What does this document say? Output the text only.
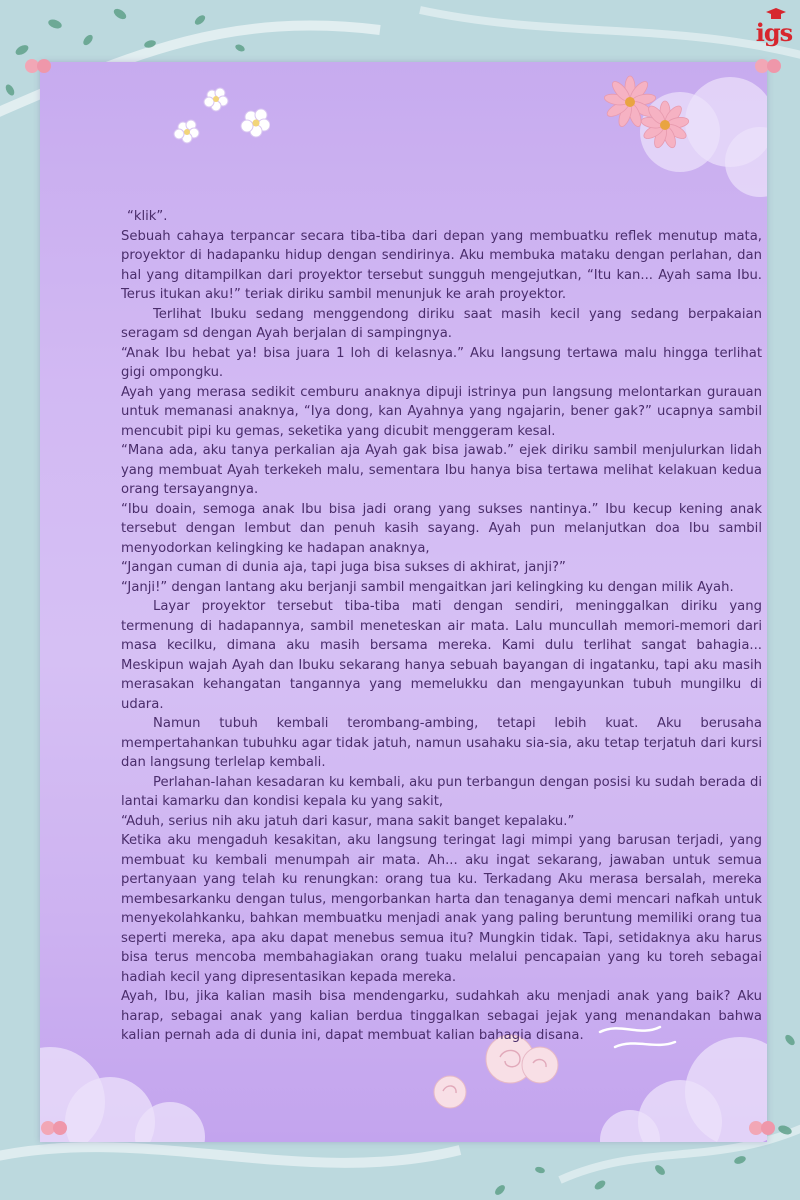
“klik”.

Sebuah cahaya terpancar secara tiba-tiba dari depan yang membuatku reflek menutup mata, proyektor di hadapanku hidup dengan sendirinya. Aku membuka mataku dengan perlahan, dan hal yang ditampilkan dari proyektor tersebut sungguh mengejutkan, “Itu kan... Ayah sama Ibu. Terus itukan aku!” teriak diriku sambil menunjuk ke arah proyektor.

Terlihat Ibuku sedang menggendong diriku saat masih kecil yang sedang berpakaian seragam sd dengan Ayah berjalan di sampingnya.

“Anak Ibu hebat ya! bisa juara 1 loh di kelasnya.” Aku langsung tertawa malu hingga terlihat gigi ompongku.

Ayah yang merasa sedikit cemburu anaknya dipuji istrinya pun langsung melontarkan gurauan untuk memanasi anaknya, “Iya dong, kan Ayahnya yang ngajarin, bener gak?” ucapnya sambil mencubit pipi ku gemas, seketika yang dicubit menggeram kesal.

“Mana ada, aku tanya perkalian aja Ayah gak bisa jawab.” ejek diriku sambil menjulurkan lidah yang membuat Ayah terkekeh malu, sementara Ibu hanya bisa tertawa melihat kelakuan kedua orang tersayangnya.

“Ibu doain, semoga anak Ibu bisa jadi orang yang sukses nantinya.” Ibu kecup kening anak tersebut dengan lembut dan penuh kasih sayang. Ayah pun melanjutkan doa Ibu sambil menyodorkan kelingking ke hadapan anaknya,

“Jangan cuman di dunia aja, tapi juga bisa sukses di akhirat, janji?”

“Janji!” dengan lantang aku berjanji sambil mengaitkan jari kelingking ku dengan milik Ayah.

Layar proyektor tersebut tiba-tiba mati dengan sendiri, meninggalkan diriku yang termenung di hadapannya, sambil meneteskan air mata. Lalu muncullah memori-memori dari masa kecilku, dimana aku masih bersama mereka. Kami dulu terlihat sangat bahagia... Meskipun wajah Ayah dan Ibuku sekarang hanya sebuah bayangan di ingatanku, tapi aku masih merasakan kehangatan tangannya yang memelukku dan mengayunkan tubuh mungilku di udara.

Namun tubuh kembali terombang-ambing, tetapi lebih kuat. Aku berusaha mempertahankan tubuhku agar tidak jatuh, namun usahaku sia-sia, aku tetap terjatuh dari kursi dan langsung terlelap kembali.

Perlahan-lahan kesadaran ku kembali, aku pun terbangun dengan posisi ku sudah berada di lantai kamarku dan kondisi kepala ku yang sakit,

“Aduh, serius nih aku jatuh dari kasur, mana sakit banget kepalaku.”

Ketika aku mengaduh kesakitan, aku langsung teringat lagi mimpi yang barusan terjadi, yang membuat ku kembali menumpah air mata. Ah... aku ingat sekarang, jawaban untuk semua pertanyaan yang telah ku renungkan: orang tua ku. Terkadang Aku merasa bersalah, mereka membesarkanku dengan tulus, mengorbankan harta dan tenaganya demi mencari nafkah untuk menyekolahkanku, bahkan membuatku menjadi anak yang paling beruntung memiliki orang tua seperti mereka, apa aku dapat menebus semua itu? Mungkin tidak. Tapi, setidaknya aku harus bisa terus mencoba membahagiakan orang tuaku melalui pencapaian yang ku toreh sebagai hadiah kecil yang dipresentasikan kepada mereka.

Ayah, Ibu, jika kalian masih bisa mendengarku, sudahkah aku menjadi anak yang baik? Aku harap, sebagai anak yang kalian berdua tinggalkan sebagai jejak yang menandakan bahwa kalian pernah ada di dunia ini, dapat membuat kalian bahagia disana.

igs
